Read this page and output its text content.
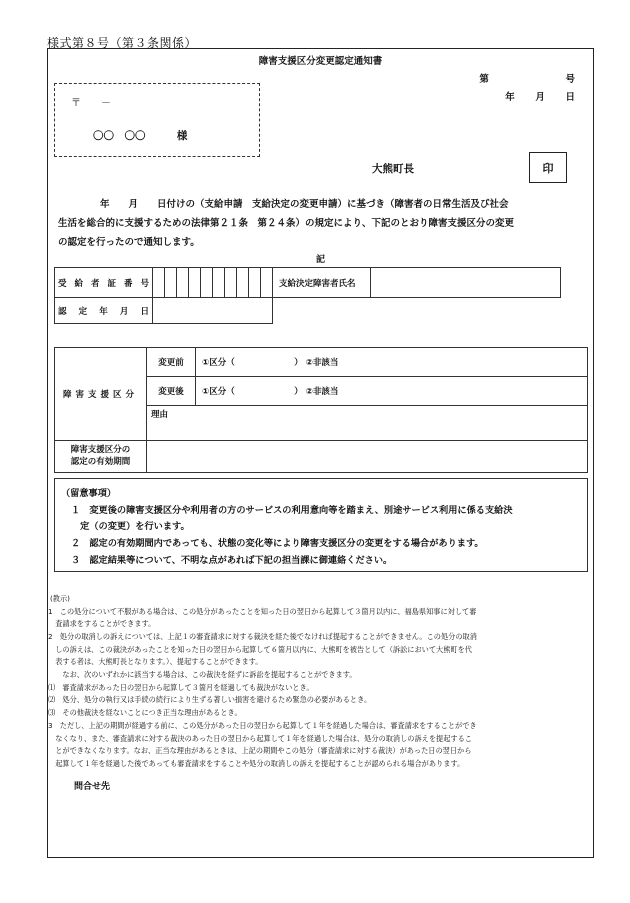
様式第８号（第３条関係）
障害支援区分変更認定通知書
第	号
年 月 日
〒　　－
〇〇　〇〇	様
大熊町長	印
年　　月　　日付けの（支給申請　支給決定の変更申請）に基づき（障害者の日常生活及び社会
生活を総合的に支援するための法律第２１条　第２４条）の規定により、下記のとおり障害支援区分の変更
の認定を行ったので通知します。
記
受給者証番号											支給決定障害者氏名	
認定年月日												
障害支援区分	変更前	①区分（　　　　　　　） ②非該当
	変更後	①区分（　　　　　　　） ②非該当
	理由	

障害支援区分の
認定の有効期間		

（留意事項）
１　変更後の障害支援区分や利用者の方のサービスの利用意向等を踏まえ、別途サービス利用に係る支給決
　定（の変更）を行います。
２　認定の有効期間内であっても、状態の変化等により障害支援区分の変更をする場合があります。
３　認定結果等について、不明な点があれば下記の担当課に御連絡ください。
(教示)
1　この処分について不服がある場合は、この処分があったことを知った日の翌日から起算して３箇月以内に、福島県知事に対して審
　査請求をすることができます。
2　処分の取消しの訴えについては、上記１の審査請求に対する裁決を経た後でなければ提起することができません。この処分の取消
　しの訴えは、この裁決があったことを知った日の翌日から起算して６箇月以内に、大熊町を被告として（訴訟において大熊町を代
　表する者は、大熊町長となります。）、提起することができます。
　　なお、次のいずれかに該当する場合は、この裁決を経ずに訴訟を提起することができます。
⑴　審査請求があった日の翌日から起算して３箇月を経過しても裁決がないとき。
⑵　処分、処分の執行又は手続の続行により生ずる著しい損害を避けるため緊急の必要があるとき。
⑶　その他裁決を経ないことにつき正当な理由があるとき。
3　ただし、上記の期間が経過する前に、この処分があった日の翌日から起算して１年を経過した場合は、審査請求をすることができ
　なくなり、また、審査請求に対する裁決のあった日の翌日から起算して１年を経過した場合は、処分の取消しの訴えを提起するこ
　とができなくなります。なお、正当な理由があるときは、上記の期間やこの処分（審査請求に対する裁決）があった日の翌日から
　起算して１年を経過した後であっても審査請求をすることや処分の取消しの訴えを提起することが認められる場合があります。
問合せ先
